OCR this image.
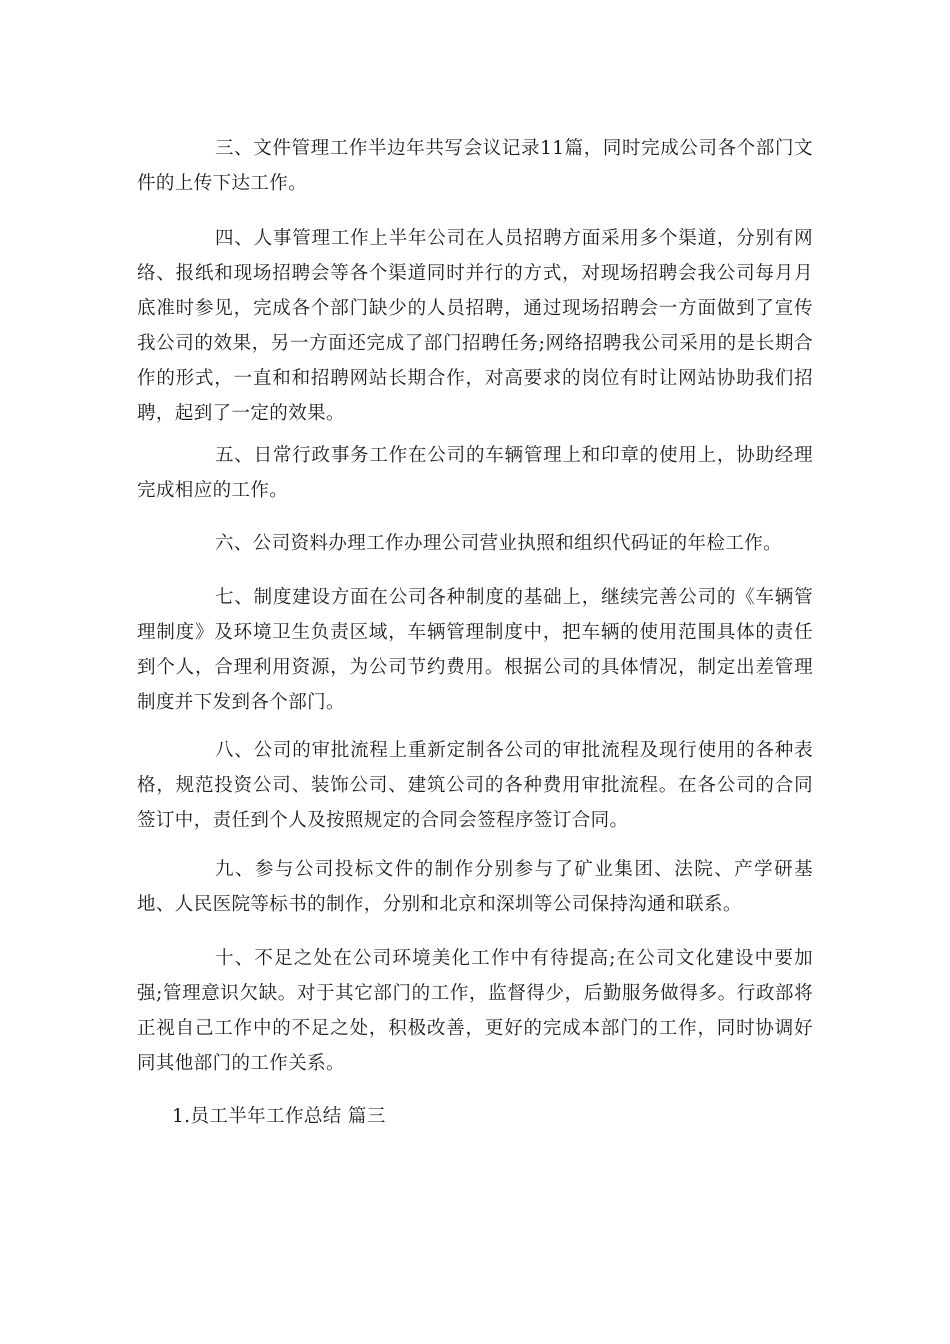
三、文件管理工作半边年共写会议记录11篇，同时完成公司各个部门文件的上传下达工作。

四、人事管理工作上半年公司在人员招聘方面采用多个渠道，分别有网络、报纸和现场招聘会等各个渠道同时并行的方式，对现场招聘会我公司每月月底准时参见，完成各个部门缺少的人员招聘，通过现场招聘会一方面做到了宣传我公司的效果，另一方面还完成了部门招聘任务;网络招聘我公司采用的是长期合作的形式，一直和和招聘网站长期合作，对高要求的岗位有时让网站协助我们招聘，起到了一定的效果。

五、日常行政事务工作在公司的车辆管理上和印章的使用上，协助经理完成相应的工作。

六、公司资料办理工作办理公司营业执照和组织代码证的年检工作。

七、制度建设方面在公司各种制度的基础上，继续完善公司的《车辆管理制度》及环境卫生负责区域，车辆管理制度中，把车辆的使用范围具体的责任到个人，合理利用资源，为公司节约费用。根据公司的具体情况，制定出差管理制度并下发到各个部门。

八、公司的审批流程上重新定制各公司的审批流程及现行使用的各种表格，规范投资公司、装饰公司、建筑公司的各种费用审批流程。在各公司的合同签订中，责任到个人及按照规定的合同会签程序签订合同。

九、参与公司投标文件的制作分别参与了矿业集团、法院、产学研基地、人民医院等标书的制作，分别和北京和深圳等公司保持沟通和联系。

十、不足之处在公司环境美化工作中有待提高;在公司文化建设中要加强;管理意识欠缺。对于其它部门的工作，监督得少，后勤服务做得多。行政部将正视自己工作中的不足之处，积极改善，更好的完成本部门的工作，同时协调好同其他部门的工作关系。

1.员工半年工作总结 篇三
